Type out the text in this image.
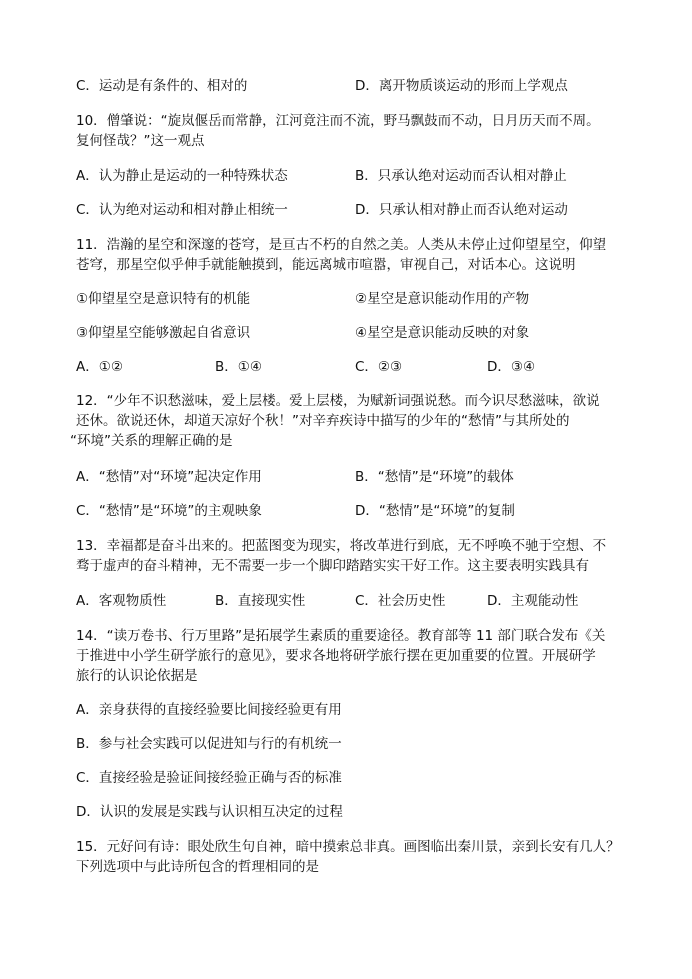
C．运动是有条件的、相对的	D．离开物质谈运动的形而上学观点
10．僧肇说：“旋岚偃岳而常静，江河竟注而不流，野马飘鼓而不动，日月历天而不周。
复何怪哉？”这一观点
A．认为静止是运动的一种特殊状态	B．只承认绝对运动而否认相对静止
C．认为绝对运动和相对静止相统一	D．只承认相对静止而否认绝对运动
11．浩瀚的星空和深邃的苍穹，是亘古不朽的自然之美。人类从未停止过仰望星空，仰望
苍穹，那星空似乎伸手就能触摸到，能远离城市喧嚣，审视自己，对话本心。这说明
①仰望星空是意识特有的机能	②星空是意识能动作用的产物
③仰望星空能够激起自省意识	④星空是意识能动反映的对象
A．①②	B．①④	C．②③	D．③④
12．“少年不识愁滋味，爱上层楼。爱上层楼，为赋新词强说愁。而今识尽愁滋味，欲说
还休。欲说还休，却道天凉好个秋！”对辛弃疾诗中描写的少年的“愁情”与其所处的
“环境”关系的理解正确的是
A．“愁情”对“环境”起决定作用	B．“愁情”是“环境”的载体
C．“愁情”是“环境”的主观映象	D．“愁情”是“环境”的复制
13．幸福都是奋斗出来的。把蓝图变为现实，将改革进行到底，无不呼唤不驰于空想、不
骛于虚声的奋斗精神，无不需要一步一个脚印踏踏实实干好工作。这主要表明实践具有
A．客观物质性	B．直接现实性	C．社会历史性	D．主观能动性
14．“读万卷书、行万里路”是拓展学生素质的重要途径。教育部等 11 部门联合发布《关
于推进中小学生研学旅行的意见》，要求各地将研学旅行摆在更加重要的位置。开展研学
旅行的认识论依据是
A．亲身获得的直接经验要比间接经验更有用
B．参与社会实践可以促进知与行的有机统一
C．直接经验是验证间接经验正确与否的标准
D．认识的发展是实践与认识相互决定的过程
15．元好问有诗：眼处欣生句自神，暗中摸索总非真。画图临出秦川景，亲到长安有几人？
下列选项中与此诗所包含的哲理相同的是
